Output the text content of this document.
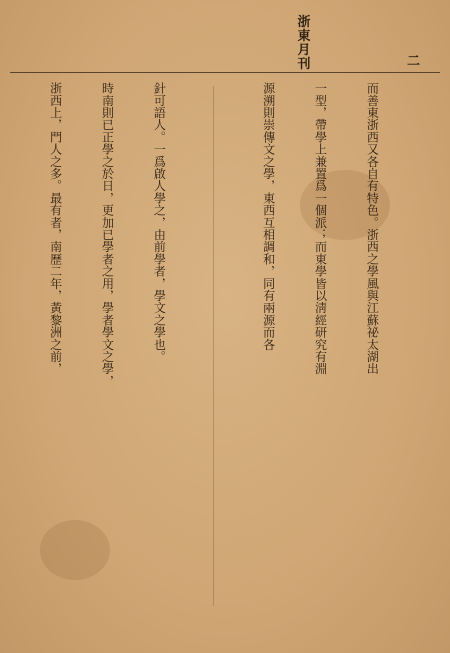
浙
東
月
刊	二

而善東浙西又各自有特色。浙西之學風與江蘇祕太湖出

一型，帶學上兼置爲一個派；而東學皆以淸經研究有淵

源溯則崇傳文之學，東西互相調和，同有兩源而各

針可語人。一爲啟人學之，由前學者，學文之學也。

時南則已正學之於日，更加已學者之用，學者學文之學，

浙西上，門人之多。最有者，南歷二年，黃黎洲之前，
